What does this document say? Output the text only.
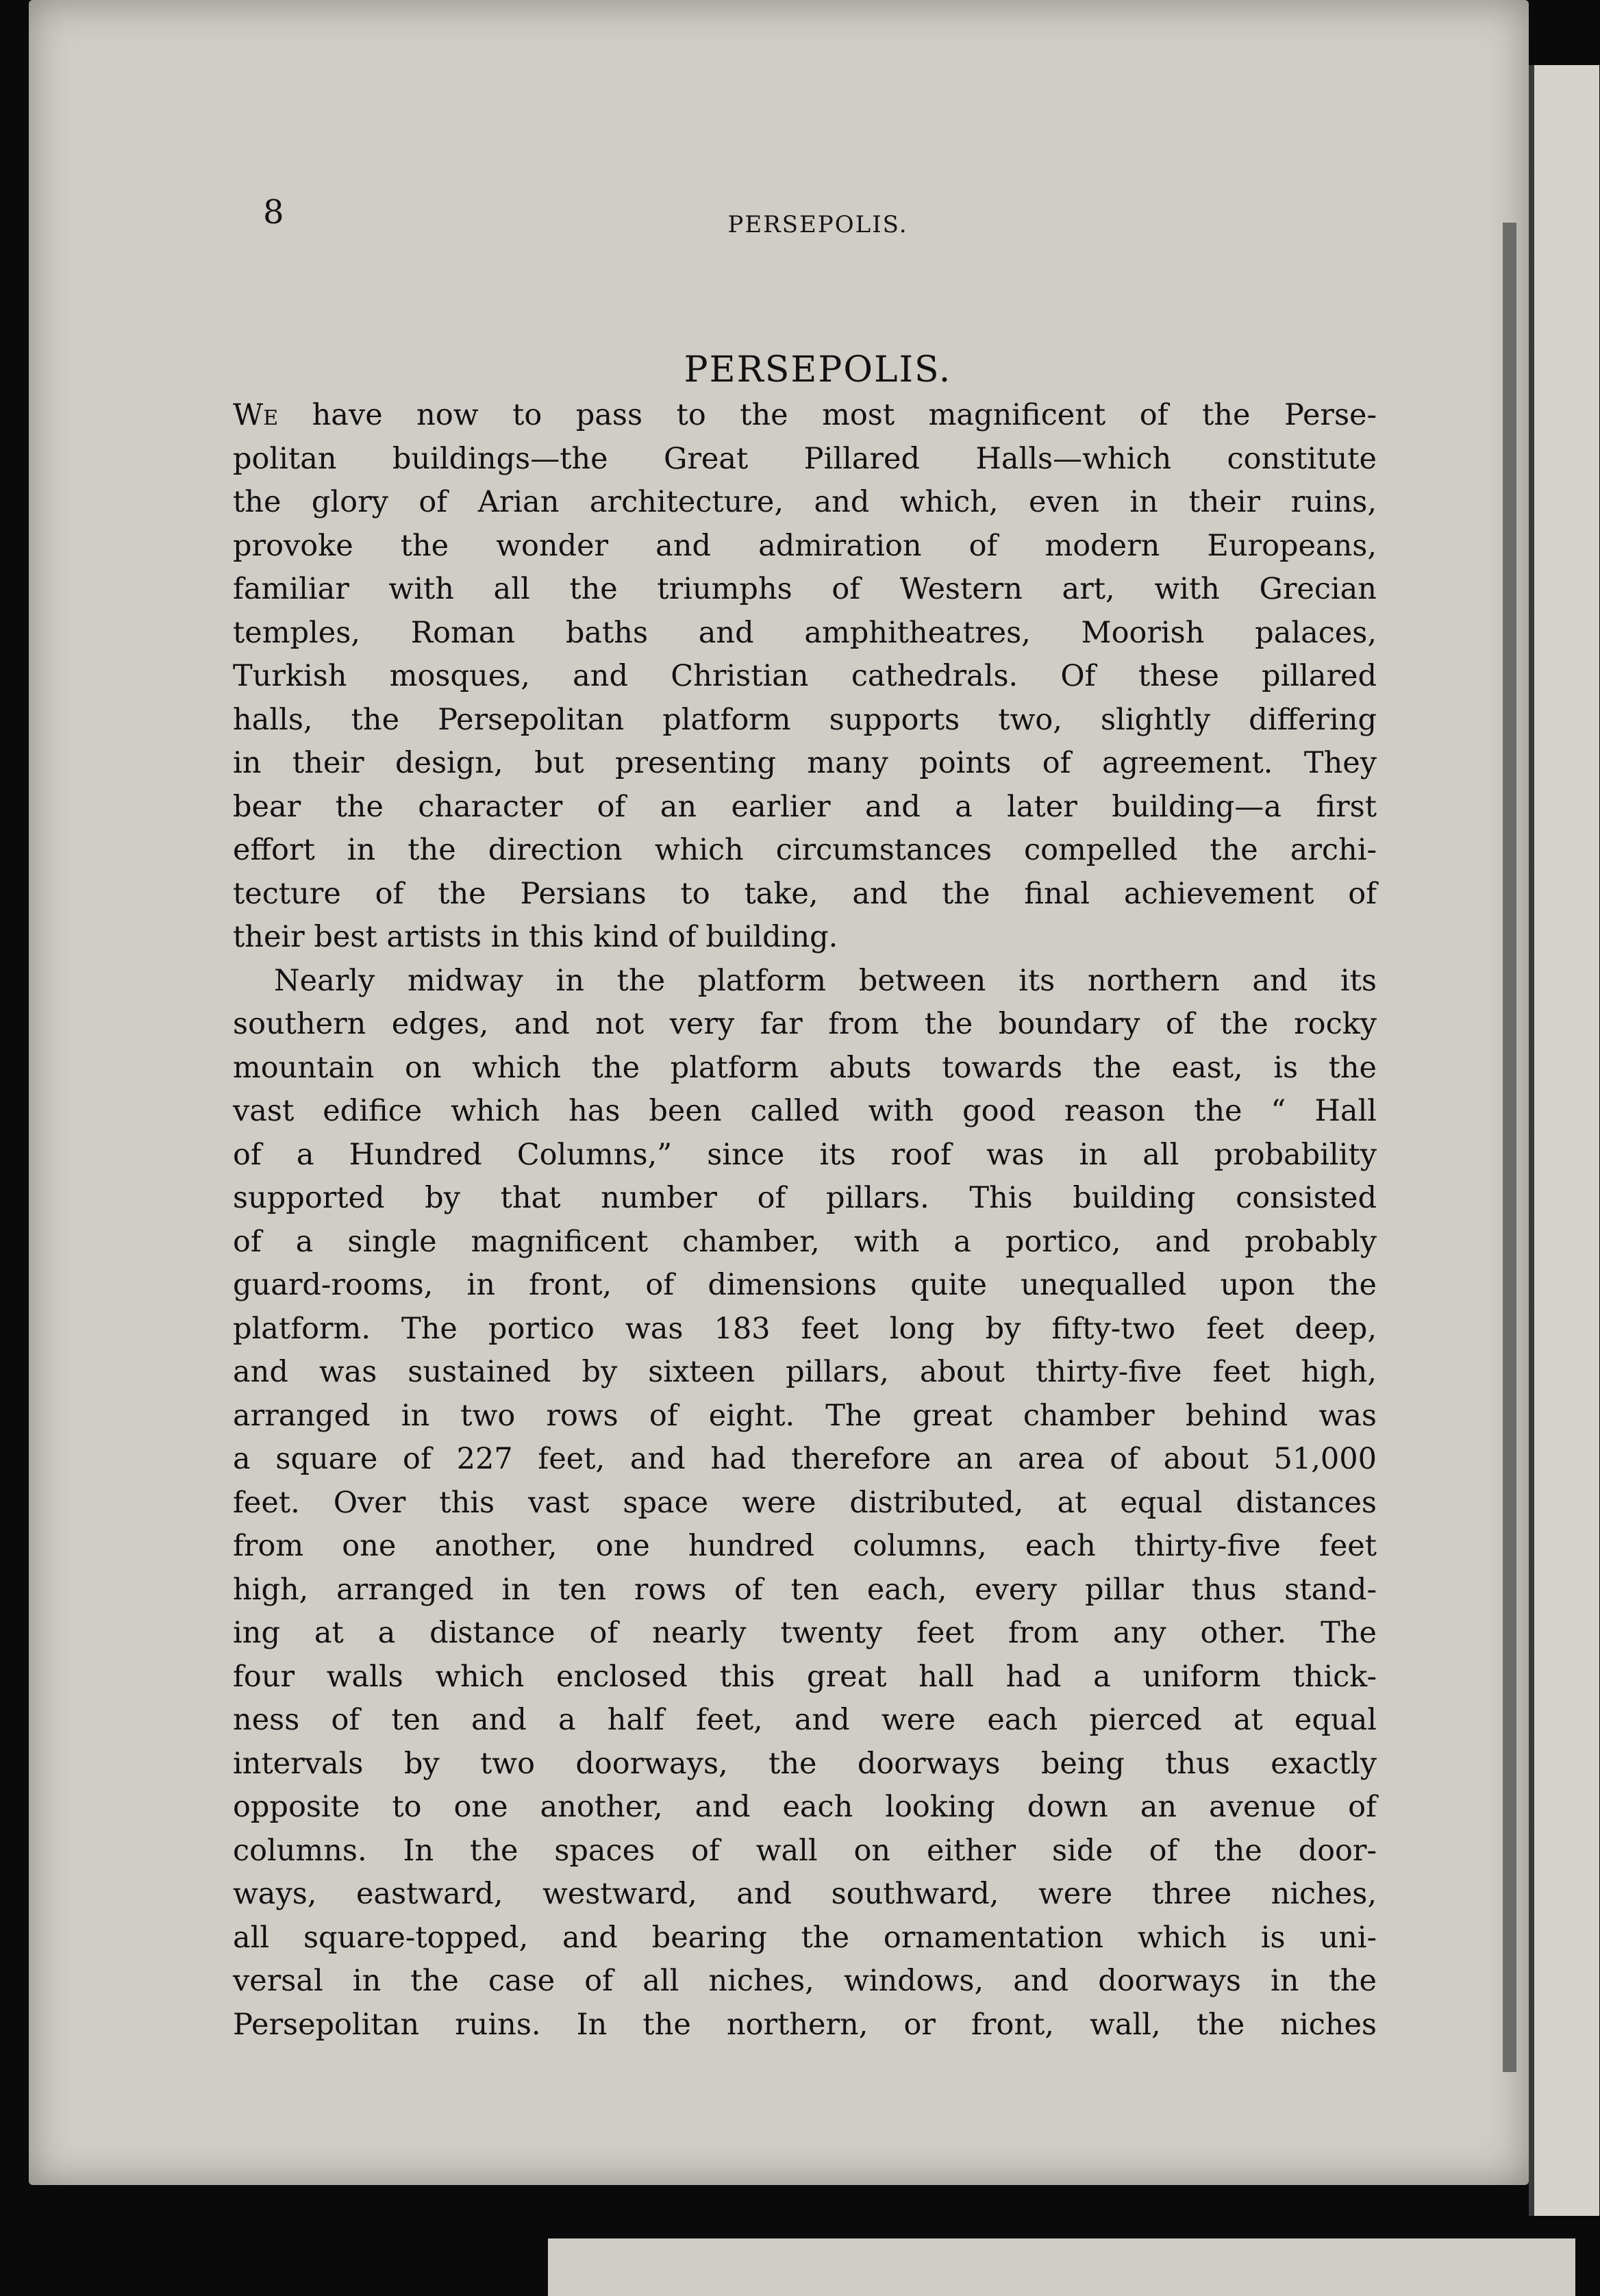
8	PERSEPOLIS.
PERSEPOLIS.
We have now to pass to the most magnificent of the Perse-
politan buildings—the Great Pillared Halls—which constitute
the glory of Arian architecture, and which, even in their ruins,
provoke the wonder and admiration of modern Europeans,
familiar with all the triumphs of Western art, with Grecian
temples, Roman baths and amphitheatres, Moorish palaces,
Turkish mosques, and Christian cathedrals. Of these pillared
halls, the Persepolitan platform supports two, slightly differing
in their design, but presenting many points of agreement. They
bear the character of an earlier and a later building—a first
effort in the direction which circumstances compelled the archi-
tecture of the Persians to take, and the final achievement of
their best artists in this kind of building.
Nearly midway in the platform between its northern and its
southern edges, and not very far from the boundary of the rocky
mountain on which the platform abuts towards the east, is the
vast edifice which has been called with good reason the “ Hall
of a Hundred Columns,” since its roof was in all probability
supported by that number of pillars. This building consisted
of a single magnificent chamber, with a portico, and probably
guard-rooms, in front, of dimensions quite unequalled upon the
platform. The portico was 183 feet long by fifty-two feet deep,
and was sustained by sixteen pillars, about thirty-five feet high,
arranged in two rows of eight. The great chamber behind was
a square of 227 feet, and had therefore an area of about 51,000
feet. Over this vast space were distributed, at equal distances
from one another, one hundred columns, each thirty-five feet
high, arranged in ten rows of ten each, every pillar thus stand-
ing at a distance of nearly twenty feet from any other. The
four walls which enclosed this great hall had a uniform thick-
ness of ten and a half feet, and were each pierced at equal
intervals by two doorways, the doorways being thus exactly
opposite to one another, and each looking down an avenue of
columns. In the spaces of wall on either side of the door-
ways, eastward, westward, and southward, were three niches,
all square-topped, and bearing the ornamentation which is uni-
versal in the case of all niches, windows, and doorways in the
Persepolitan ruins. In the northern, or front, wall, the niches
